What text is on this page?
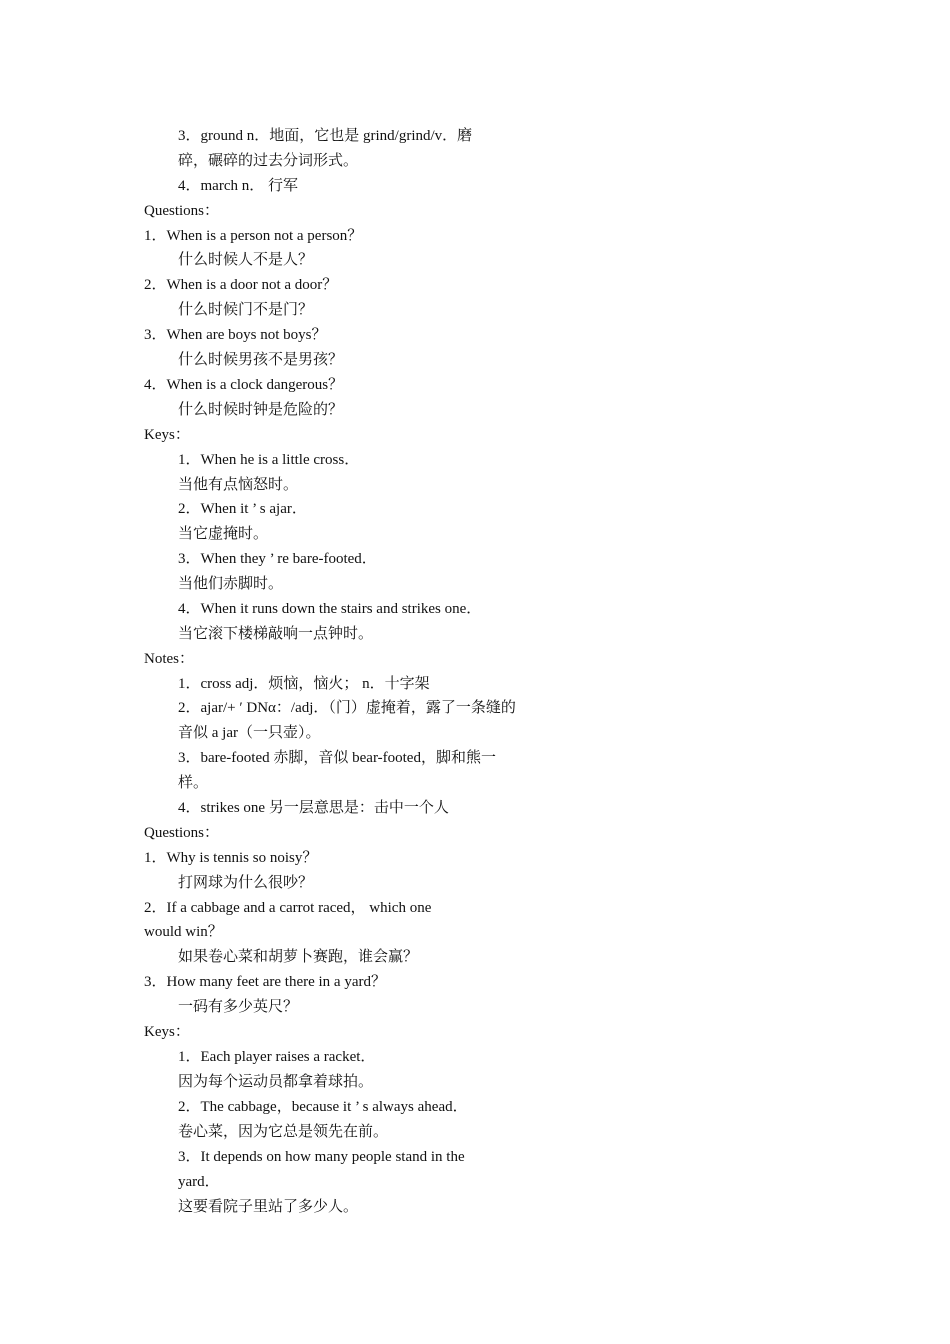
3．ground n．地面，它也是 grind/grind/v．磨
碎，碾碎的过去分词形式。
4．march n． 行军
Questions：
1．When is a person not a person？
什么时候人不是人？
2．When is a door not a door？
什么时候门不是门？
3．When are boys not boys？
什么时候男孩不是男孩？
4．When is a clock dangerous？
什么时候时钟是危险的？
Keys：
1．When he is a little cross．
当他有点恼怒时。
2．When it ’ s ajar．
当它虚掩时。
3．When they ’ re bare-footed．
当他们赤脚时。
4．When it runs down the stairs and strikes one．
当它滚下楼梯敲响一点钟时。
Notes：
1．cross adj．烦恼，恼火； n．十字架
2．ajar/+ ′ DNα：/adj．（门）虚掩着，露了一条缝的
音似 a jar（一只壶）。
3．bare-footed 赤脚，音似 bear-footed，脚和熊一
样。
4．strikes one 另一层意思是：击中一个人
Questions：
1．Why is tennis so noisy？
打网球为什么很吵？
2．If a cabbage and a carrot raced， which one
would win？
如果卷心菜和胡萝卜赛跑，谁会赢？
3．How many feet are there in a yard？
一码有多少英尺？
Keys：
1．Each player raises a racket．
因为每个运动员都拿着球拍。
2．The cabbage，because it ’ s always ahead．
卷心菜，因为它总是领先在前。
3．It depends on how many people stand in the
yard．
这要看院子里站了多少人。
